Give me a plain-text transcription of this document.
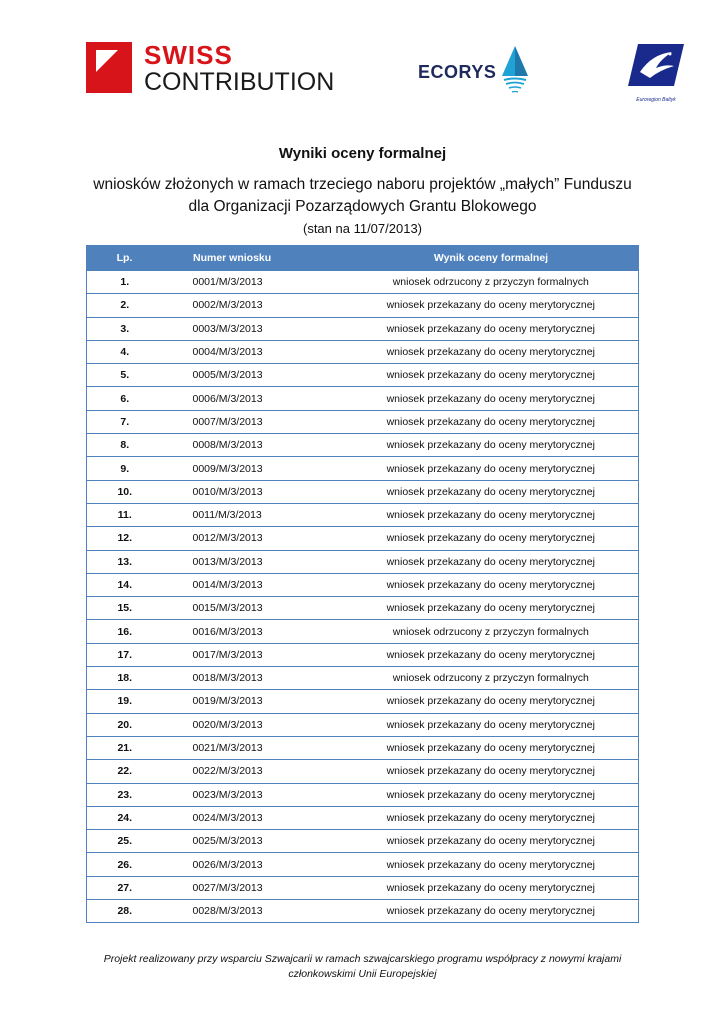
SWISS
CONTRIBUTION	ECORYS
Euroregion Baltyk
Wyniki oceny formalnej
wniosków złożonych w ramach trzeciego naboru projektów „małych” Funduszu
dla Organizacji Pozarządowych Grantu Blokowego
(stan na 11/07/2013)
Lp.	Numer wniosku	Wynik oceny formalnej
1.	0001/M/3/2013	wniosek odrzucony z przyczyn formalnych
2.	0002/M/3/2013	wniosek przekazany do oceny merytorycznej
3.	0003/M/3/2013	wniosek przekazany do oceny merytorycznej
4.	0004/M/3/2013	wniosek przekazany do oceny merytorycznej
5.	0005/M/3/2013	wniosek przekazany do oceny merytorycznej
6.	0006/M/3/2013	wniosek przekazany do oceny merytorycznej
7.	0007/M/3/2013	wniosek przekazany do oceny merytorycznej
8.	0008/M/3/2013	wniosek przekazany do oceny merytorycznej
9.	0009/M/3/2013	wniosek przekazany do oceny merytorycznej
10.	0010/M/3/2013	wniosek przekazany do oceny merytorycznej
11.	0011/M/3/2013	wniosek przekazany do oceny merytorycznej
12.	0012/M/3/2013	wniosek przekazany do oceny merytorycznej
13.	0013/M/3/2013	wniosek przekazany do oceny merytorycznej
14.	0014/M/3/2013	wniosek przekazany do oceny merytorycznej
15.	0015/M/3/2013	wniosek przekazany do oceny merytorycznej
16.	0016/M/3/2013	wniosek odrzucony z przyczyn formalnych
17.	0017/M/3/2013	wniosek przekazany do oceny merytorycznej
18.	0018/M/3/2013	wniosek odrzucony z przyczyn formalnych
19.	0019/M/3/2013	wniosek przekazany do oceny merytorycznej
20.	0020/M/3/2013	wniosek przekazany do oceny merytorycznej
21.	0021/M/3/2013	wniosek przekazany do oceny merytorycznej
22.	0022/M/3/2013	wniosek przekazany do oceny merytorycznej
23.	0023/M/3/2013	wniosek przekazany do oceny merytorycznej
24.	0024/M/3/2013	wniosek przekazany do oceny merytorycznej
25.	0025/M/3/2013	wniosek przekazany do oceny merytorycznej
26.	0026/M/3/2013	wniosek przekazany do oceny merytorycznej
27.	0027/M/3/2013	wniosek przekazany do oceny merytorycznej
28.	0028/M/3/2013	wniosek przekazany do oceny merytorycznej
Projekt realizowany przy wsparciu Szwajcarii w ramach szwajcarskiego programu współpracy z nowymi krajami
członkowskimi Unii Europejskiej
